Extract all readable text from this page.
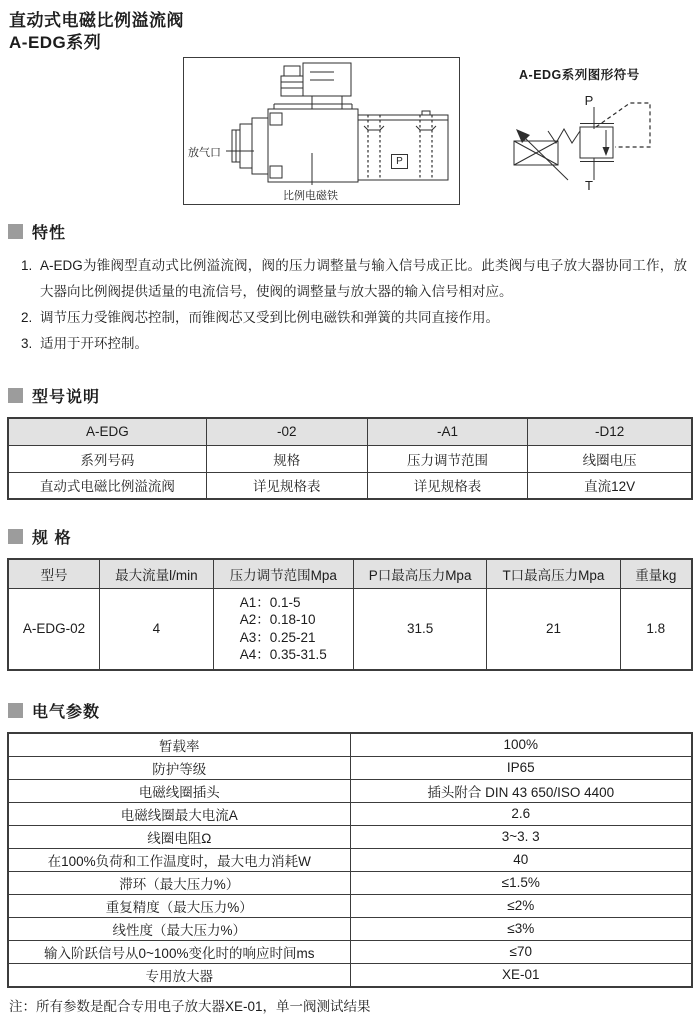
直动式电磁比例溢流阀
A-EDG系列
放气口
比例电磁铁
P
A-EDG系列图形符号
P
T
特性
1. A-EDG为锥阀型直动式比例溢流阀，阀的压力调整量与输入信号成正比。此类阀与电子放大器协同工作，放大器向比例阀提供适量的电流信号，使阀的调整量与放大器的输入信号相对应。
2. 调节压力受锥阀芯控制，而锥阀芯又受到比例电磁铁和弹簧的共同直接作用。
3. 适用于开环控制。
型号说明
A-EDG	-02	-A1	-D12
系列号码	规格	压力调节范围	线圈电压
直动式电磁比例溢流阀	详见规格表	详见规格表	直流12V
规 格
型号	最大流量l/min	压力调节范围Mpa	P口最高压力Mpa	T口最高压力Mpa	重量kg
A-EDG-02	4	A1：0.1-5
A2：0.18-10
A3：0.25-21
A4：0.35-31.5	31.5	21	1.8
电气参数
暂载率	100%
防护等级	IP65
电磁线圈插头	插头附合 DIN 43 650/ISO 4400
电磁线圈最大电流A	2.6
线圈电阻Ω	3~3. 3
在100%负荷和工作温度时，最大电力消耗W	40
滞环（最大压力%）	≤1.5%
重复精度（最大压力%）	≤2%
线性度（最大压力%）	≤3%
输入阶跃信号从0~100%变化时的响应时间ms	≤70
专用放大器	XE-01
注：所有参数是配合专用电子放大器XE-01，单一阀测试结果
